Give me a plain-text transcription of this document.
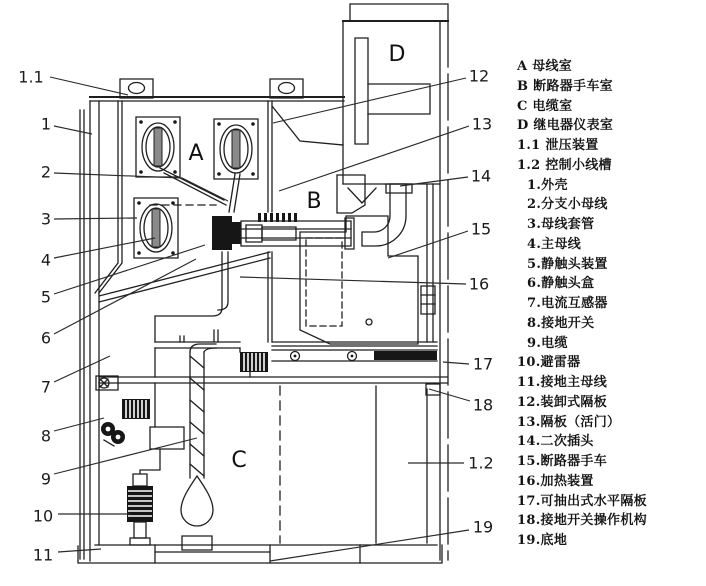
1.1
1
2
3
4
5
6
7
8
9
10
11
12
13
14
15
16
17
18
1.2
19
A
B
C
D	A 母线室
B 断路器手车室
C 电缆室
D 继电器仪表室
1.1 泄压装置
1.2 控制小线槽
1.外壳
2.分支小母线
3.母线套管
4.主母线
5.静触头装置
6.静触头盒
7.电流互感器
8.接地开关
9.电缆
10.避雷器
11.接地主母线
12.装卸式隔板
13.隔板（活门）
14.二次插头
15.断路器手车
16.加热装置
17.可抽出式水平隔板
18.接地开关操作机构
19.底地
